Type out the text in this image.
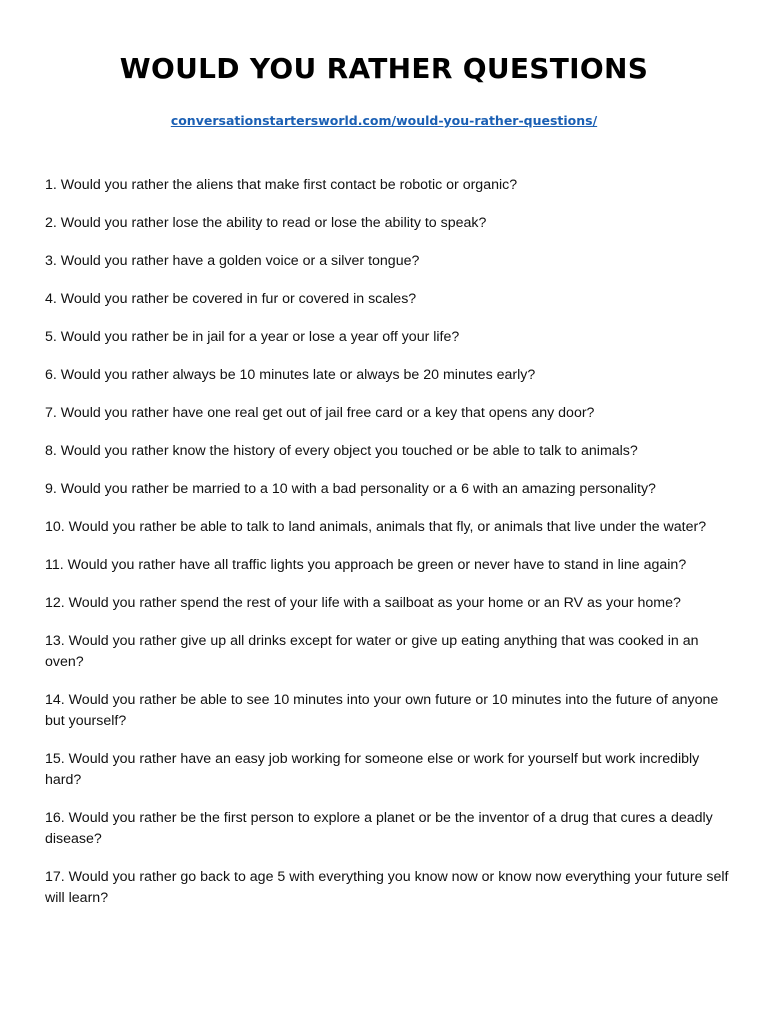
WOULD YOU RATHER QUESTIONS
conversationstartersworld.com/would-you-rather-questions/
1. Would you rather the aliens that make first contact be robotic or organic?
2. Would you rather lose the ability to read or lose the ability to speak?
3. Would you rather have a golden voice or a silver tongue?
4. Would you rather be covered in fur or covered in scales?
5. Would you rather be in jail for a year or lose a year off your life?
6. Would you rather always be 10 minutes late or always be 20 minutes early?
7. Would you rather have one real get out of jail free card or a key that opens any door?
8. Would you rather know the history of every object you touched or be able to talk to animals?
9. Would you rather be married to a 10 with a bad personality or a 6 with an amazing personality?
10. Would you rather be able to talk to land animals, animals that fly, or animals that live under the water?
11. Would you rather have all traffic lights you approach be green or never have to stand in line again?
12. Would you rather spend the rest of your life with a sailboat as your home or an RV as your home?
13. Would you rather give up all drinks except for water or give up eating anything that was cooked in an oven?
14. Would you rather be able to see 10 minutes into your own future or 10 minutes into the future of anyone but yourself?
15. Would you rather have an easy job working for someone else or work for yourself but work incredibly hard?
16. Would you rather be the first person to explore a planet or be the inventor of a drug that cures a deadly disease?
17. Would you rather go back to age 5 with everything you know now or know now everything your future self will learn?
